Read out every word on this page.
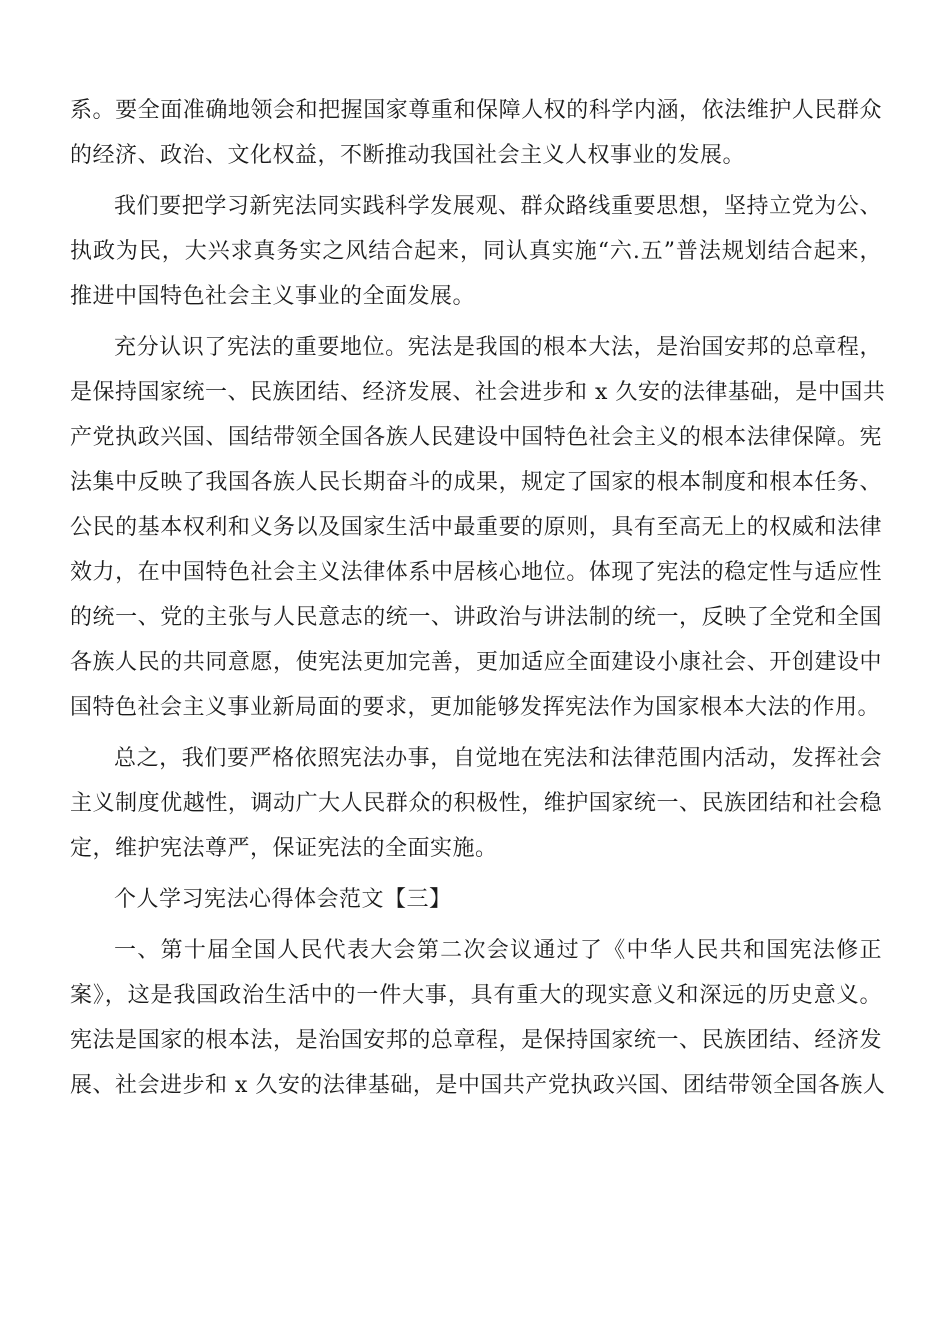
系。要全面准确地领会和把握国家尊重和保障人权的科学内涵，依法维护人民群众
的经济、政治、文化权益，不断推动我国社会主义人权事业的发展。
我们要把学习新宪法同实践科学发展观、群众路线重要思想，坚持立党为公、
执政为民，大兴求真务实之风结合起来，同认真实施“六.五”普法规划结合起来，
推进中国特色社会主义事业的全面发展。
充分认识了宪法的重要地位。宪法是我国的根本大法，是治国安邦的总章程，
是保持国家统一、民族团结、经济发展、社会进步和 x 久安的法律基础，是中国共
产党执政兴国、国结带领全国各族人民建设中国特色社会主义的根本法律保障。宪
法集中反映了我国各族人民长期奋斗的成果，规定了国家的根本制度和根本任务、
公民的基本权利和义务以及国家生活中最重要的原则，具有至高无上的权威和法律
效力，在中国特色社会主义法律体系中居核心地位。体现了宪法的稳定性与适应性
的统一、党的主张与人民意志的统一、讲政治与讲法制的统一，反映了全党和全国
各族人民的共同意愿，使宪法更加完善，更加适应全面建设小康社会、开创建设中
国特色社会主义事业新局面的要求，更加能够发挥宪法作为国家根本大法的作用。
总之，我们要严格依照宪法办事，自觉地在宪法和法律范围内活动，发挥社会
主义制度优越性，调动广大人民群众的积极性，维护国家统一、民族团结和社会稳
定，维护宪法尊严，保证宪法的全面实施。
个人学习宪法心得体会范文【三】
一、第十届全国人民代表大会第二次会议通过了《中华人民共和国宪法修正
案》，这是我国政治生活中的一件大事，具有重大的现实意义和深远的历史意义。
宪法是国家的根本法，是治国安邦的总章程，是保持国家统一、民族团结、经济发
展、社会进步和 x 久安的法律基础，是中国共产党执政兴国、团结带领全国各族人
